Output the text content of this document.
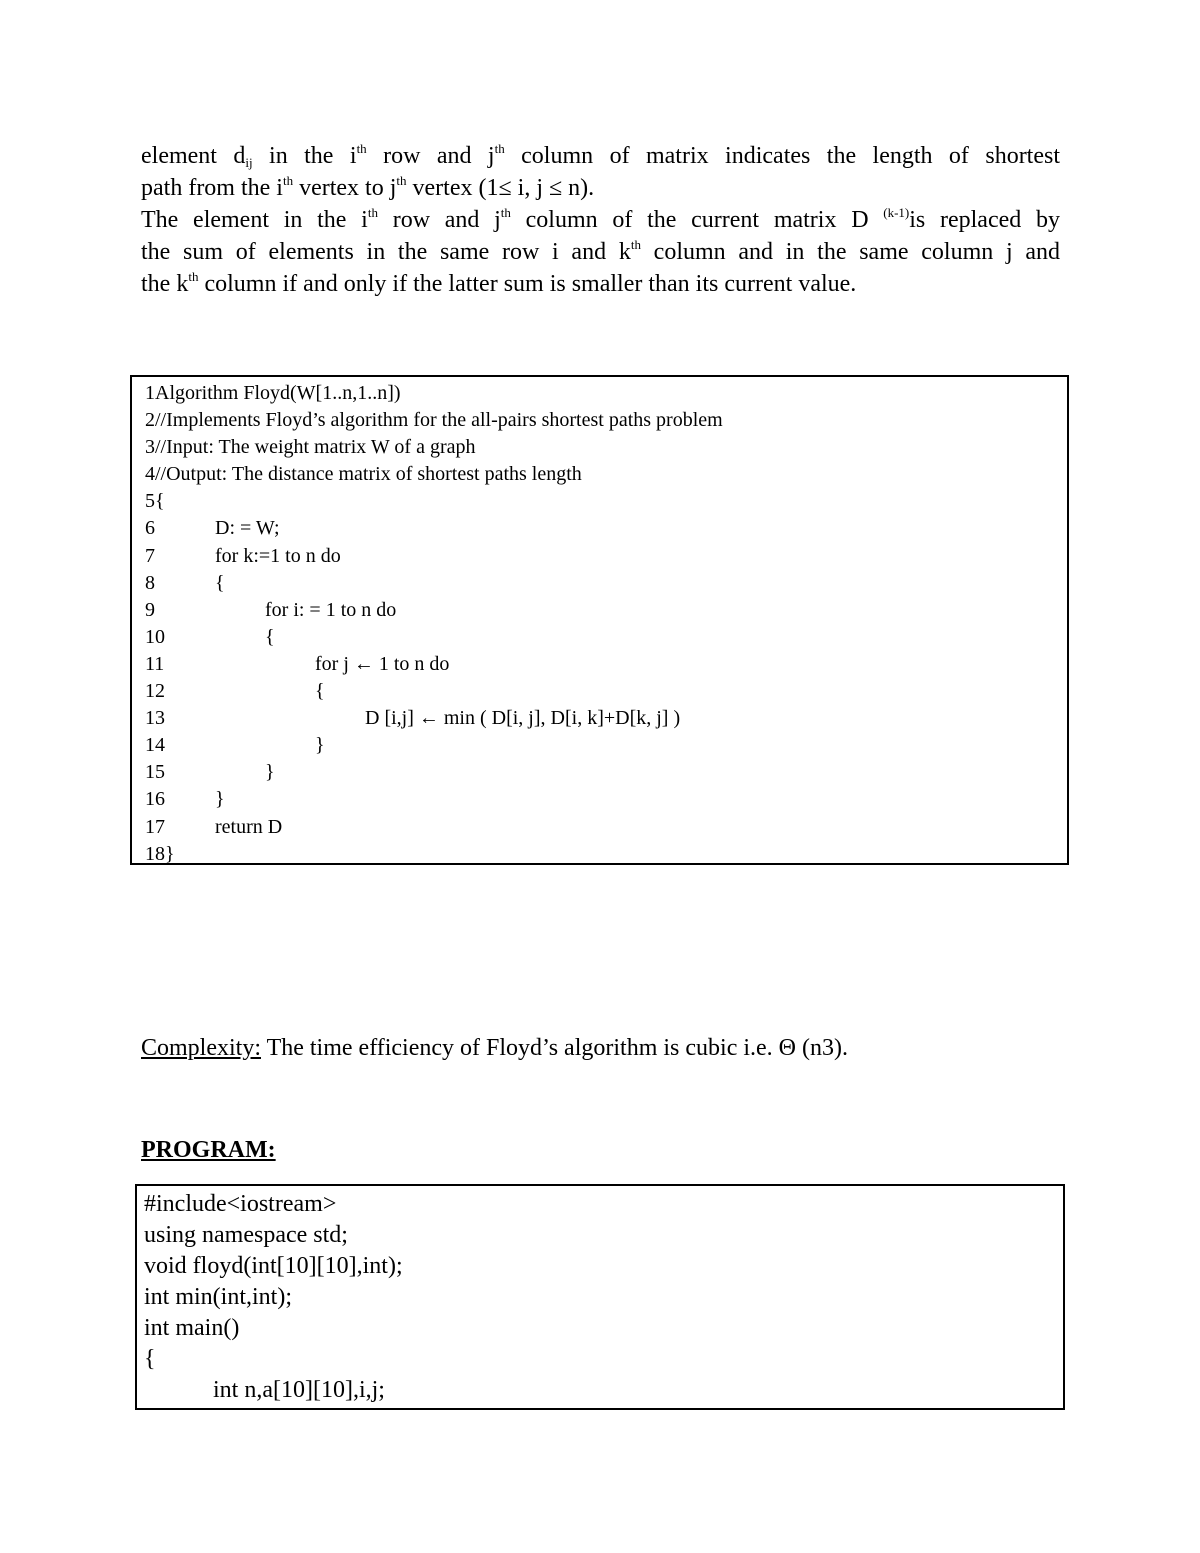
element $d_{ij}$ in the $i^{th}$ row and $j^{th}$ column of matrix indicates the length of shortest

path from the $i^{th}$ vertex to $j^{th}$ vertex (1≤ i, j ≤ n).

The element in the $i^{th}$ row and $j^{th}$ column of the current matrix D $^{(k-1)}$is replaced by

the sum of elements in the same row i and $k^{th}$ column and in the same column j and

the $k^{th}$ column if and only if the latter sum is smaller than its current value.

1Algorithm Floyd(W[1..n,1..n])
2//Implements Floyd’s algorithm for the all-pairs shortest paths problem
3//Input: The weight matrix W of a graph
4//Output: The distance matrix of shortest paths length
5{
6	D: = W;
7	for k:=1 to n do
8	{
9	for i: = 1 to n do
10	{
11	for j ← 1 to n do
12	{
13	D [i,j] ← min ( D[i, j], D[i, k]+D[k, j] )
14	}
15	}
16	}
17	return D
18}
Complexity: The time efficiency of Floyd’s algorithm is cubic i.e. Θ (n3).
PROGRAM:
#include<iostream>
using namespace std;
void floyd(int[10][10],int);
int min(int,int);
int main()
{
int n,a[10][10],i,j;
